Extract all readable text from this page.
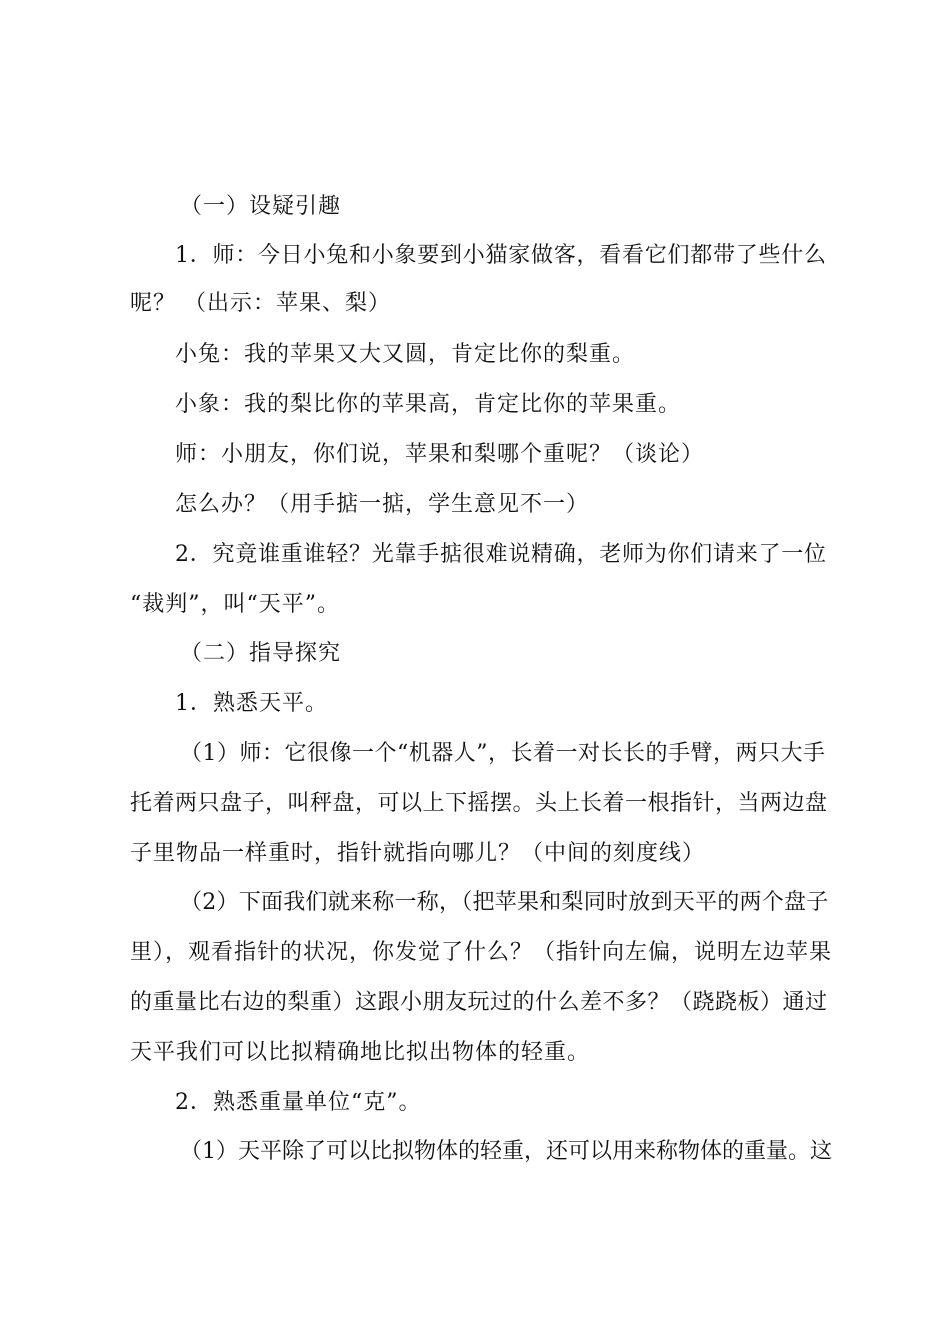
（一）设疑引趣
1．师：今日小兔和小象要到小猫家做客，看看它们都带了些什么
呢？ （出示：苹果、梨）
小兔：我的苹果又大又圆，肯定比你的梨重。
小象：我的梨比你的苹果高，肯定比你的苹果重。
师：小朋友，你们说，苹果和梨哪个重呢？（谈论）
怎么办？（用手掂一掂，学生意见不一）
2．究竟谁重谁轻？光靠手掂很难说精确，老师为你们请来了一位
“裁判”，叫“天平”。
（二）指导探究
1．熟悉天平。
（1）师：它很像一个“机器人”，长着一对长长的手臂，两只大手
托着两只盘子，叫秤盘，可以上下摇摆。头上长着一根指针，当两边盘
子里物品一样重时，指针就指向哪儿？（中间的刻度线）
（2）下面我们就来称一称，（把苹果和梨同时放到天平的两个盘子
里），观看指针的状况，你发觉了什么？（指针向左偏，说明左边苹果
的重量比右边的梨重）这跟小朋友玩过的什么差不多？（跷跷板）通过
天平我们可以比拟精确地比拟出物体的轻重。
2．熟悉重量单位“克”。
（1）天平除了可以比拟物体的轻重，还可以用来称物体的重量。这
